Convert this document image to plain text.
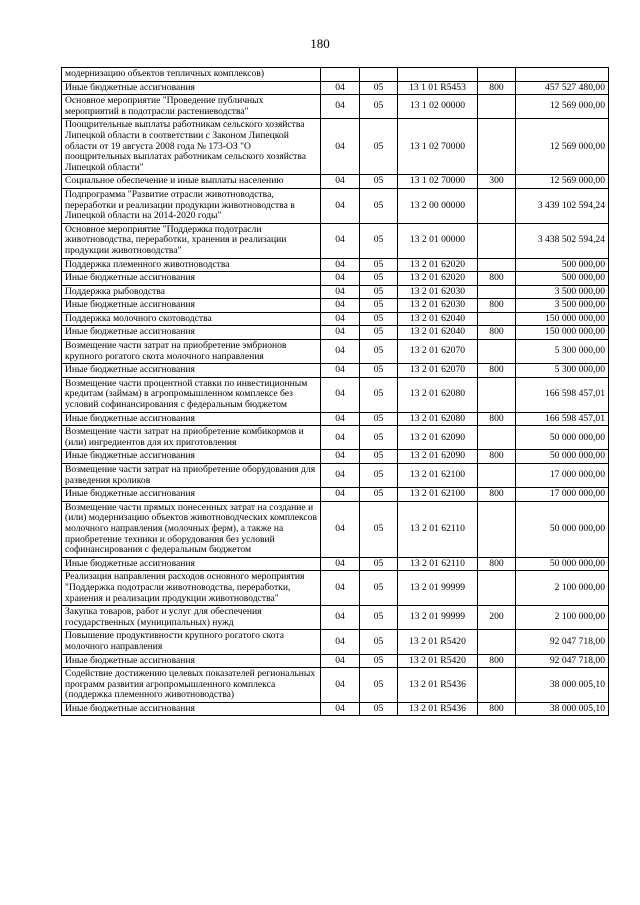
180
модернизацию объектов тепличных комплексов)					
Иные бюджетные ассигнования	04	05	13 1 01 R5453	800	457 527 480,00
Основное мероприятие "Проведение публичных мероприятий в подотрасли растениеводства"	04	05	13 1 02 00000		12 569 000,00
Поощрительные выплаты работникам сельского хозяйства Липецкой области в соответствии с Законом Липецкой области от 19 августа 2008 года № 173-ОЗ "О поощрительных выплатах работникам сельского хозяйства Липецкой области"	04	05	13 1 02 70000		12 569 000,00
Социальное обеспечение и иные выплаты населению	04	05	13 1 02 70000	300	12 569 000,00
Подпрограмма "Развитие отрасли животноводства, переработки и реализации продукции животноводства в Липецкой области на 2014-2020 годы"	04	05	13 2 00 00000		3 439 102 594,24
Основное мероприятие "Поддержка подотрасли животноводства, переработки, хранения и реализации продукции животноводства"	04	05	13 2 01 00000		3 438 502 594,24
Поддержка племенного животноводства	04	05	13 2 01 62020		500 000,00
Иные бюджетные ассигнования	04	05	13 2 01 62020	800	500 000,00
Поддержка рыбоводства	04	05	13 2 01 62030		3 500 000,00
Иные бюджетные ассигнования	04	05	13 2 01 62030	800	3 500 000,00
Поддержка молочного скотоводства	04	05	13 2 01 62040		150 000 000,00
Иные бюджетные ассигнования	04	05	13 2 01 62040	800	150 000 000,00
Возмещение части затрат на приобретение эмбрионов крупного рогатого скота молочного направления	04	05	13 2 01 62070		5 300 000,00
Иные бюджетные ассигнования	04	05	13 2 01 62070	800	5 300 000,00
Возмещение части процентной ставки по инвестиционным кредитам (займам) в агропромышленном комплексе без условий софинансирования с федеральным бюджетом	04	05	13 2 01 62080		166 598 457,01
Иные бюджетные ассигнования	04	05	13 2 01 62080	800	166 598 457,01
Возмещение части затрат на приобретение комбикормов и (или) ингредиентов для их приготовления	04	05	13 2 01 62090		50 000 000,00
Иные бюджетные ассигнования	04	05	13 2 01 62090	800	50 000 000,00
Возмещение части затрат на приобретение оборудования для разведения кроликов	04	05	13 2 01 62100		17 000 000,00
Иные бюджетные ассигнования	04	05	13 2 01 62100	800	17 000 000,00
Возмещение части прямых понесенных затрат на создание и (или) модернизацию объектов животноводческих комплексов молочного направления (молочных ферм), а также на приобретение техники и оборудования без условий софинансирования с федеральным бюджетом	04	05	13 2 01 62110		50 000 000,00
Иные бюджетные ассигнования	04	05	13 2 01 62110	800	50 000 000,00
Реализация направления расходов основного мероприятия "Поддержка подотрасли животноводства, переработки, хранения и реализации продукции животноводства"	04	05	13 2 01 99999		2 100 000,00
Закупка товаров, работ и услуг для обеспечения государственных (муниципальных) нужд	04	05	13 2 01 99999	200	2 100 000,00
Повышение продуктивности крупного рогатого скота молочного направления	04	05	13 2 01 R5420		92 047 718,00
Иные бюджетные ассигнования	04	05	13 2 01 R5420	800	92 047 718,00
Содействие достижению целевых показателей региональных программ развития агропромышленного комплекса (поддержка племенного животноводства)	04	05	13 2 01 R5436		38 000 005,10
Иные бюджетные ассигнования	04	05	13 2 01 R5436	800	38 000 005,10
